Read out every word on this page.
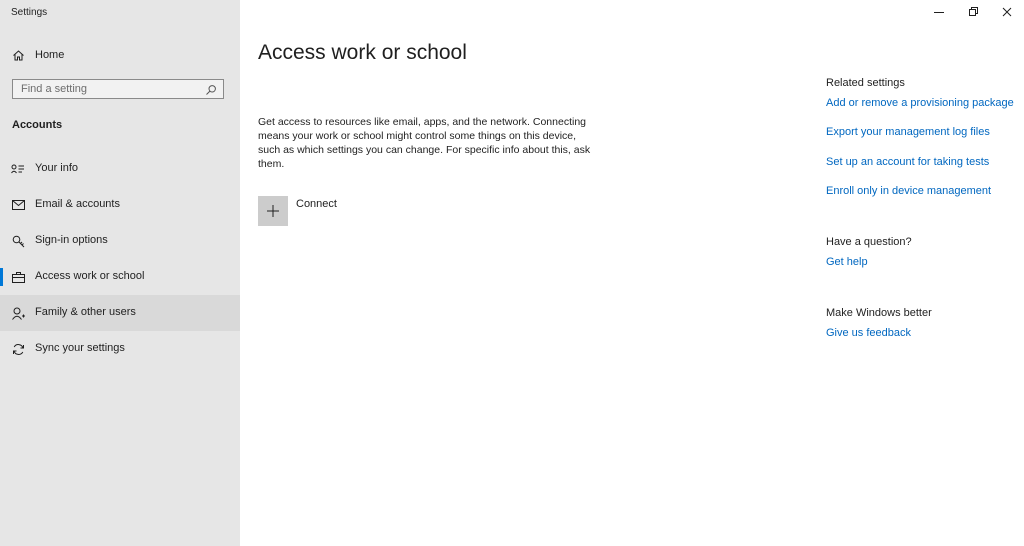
Settings
Home
Find a setting
Accounts
Your info
Email & accounts
Sign-in options
Access work or school
Family & other users
Sync your settings
Access work or school

Get access to resources like email, apps, and the network. Connecting means your work or school might control some things on this device, such as which settings you can change. For specific info about this, ask them.

Connect
Related settings
Add or remove a provisioning package
Export your management log files
Set up an account for taking tests
Enroll only in device management
Have a question?
Get help
Make Windows better
Give us feedback
